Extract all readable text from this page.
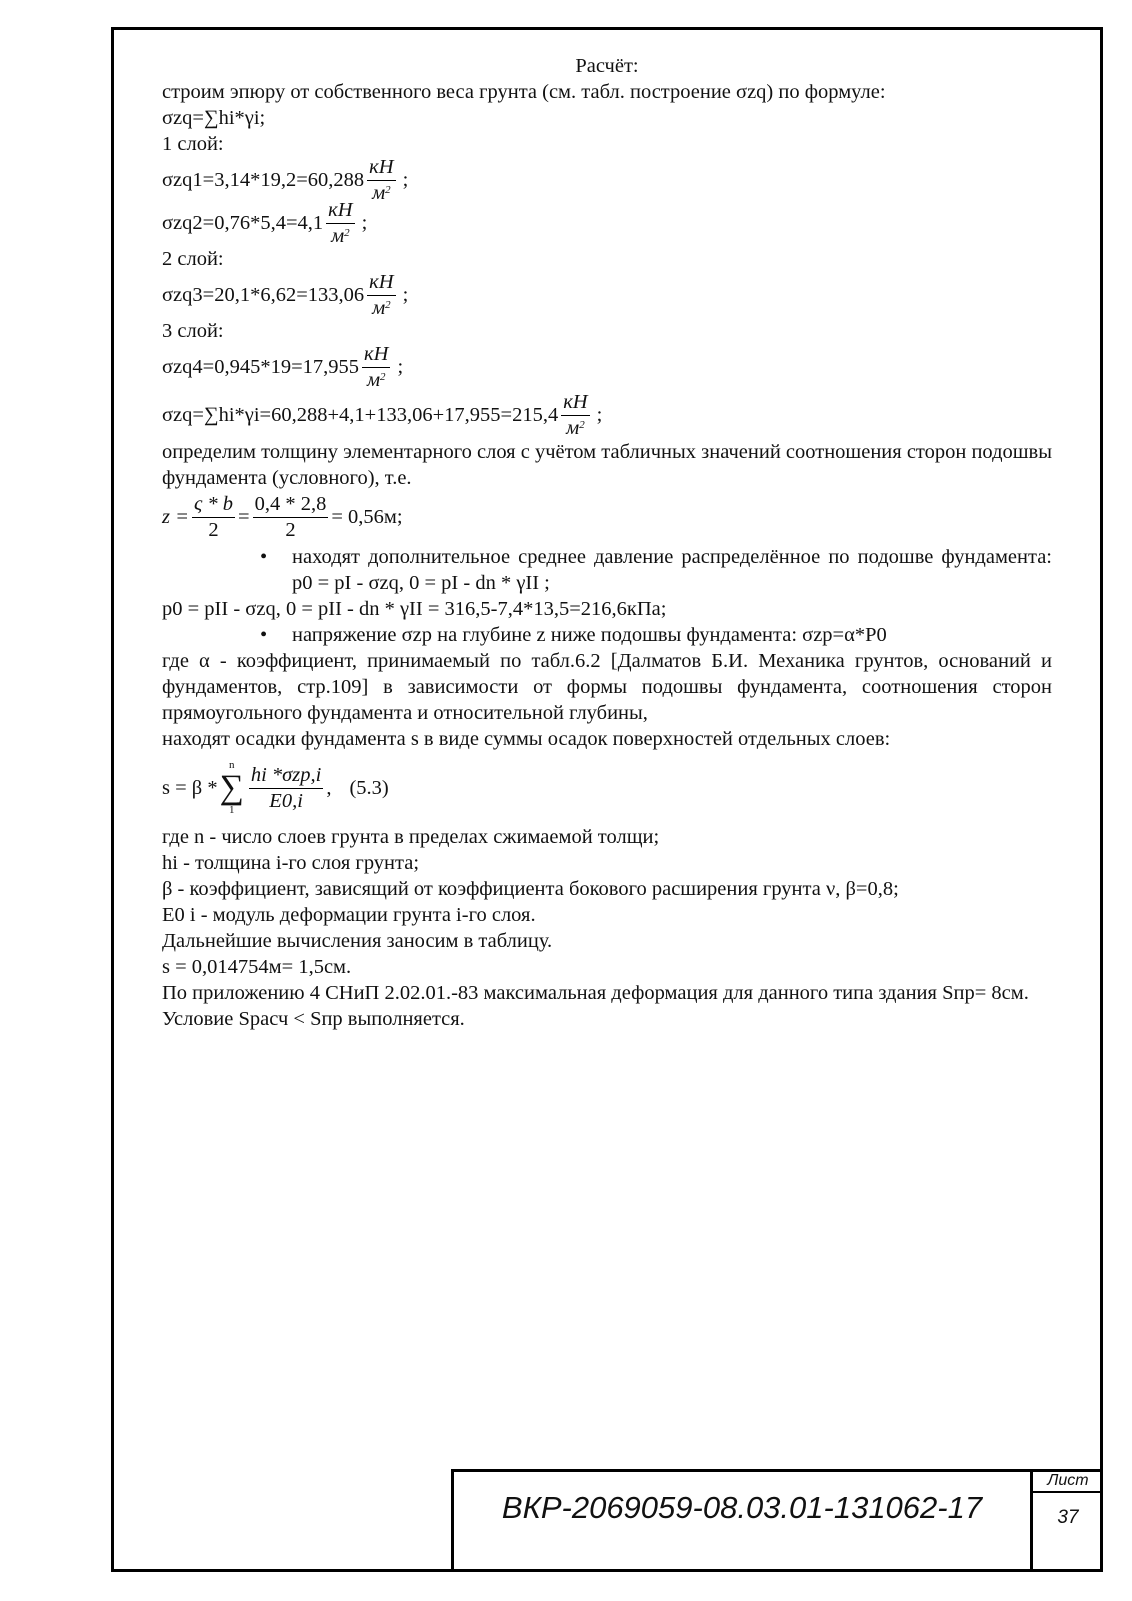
Расчёт:

строим эпюру от собственного веса грунта (см. табл. построение σzq) по формуле:

σzq=∑hi*γi;

1 слой:

$\sigma zq1=3,14*19,2=60,288 \frac{кН}{м^2}$ ;
$\sigma zq2=0,76*5,4=4,1 \frac{кН}{м^2}$ ;

2 слой:

$\sigma zq3=20,1*6,62=133,06 \frac{кН}{м^2}$ ;

3 слой:

$\sigma zq4=0,945*19=17,955 \frac{кН}{м^2}$ ;
$\sigma zq=\sum hi*\gamma i=60,288+4,1+133,06+17,955=215,4 \frac{кН}{м^2}$ ;

определим толщину элементарного слоя с учётом табличных значений соотношения сторон подошвы фундамента (условного), т.е.

$z = \frac{\varsigma * b}{2} = \frac{0,4 * 2,8}{2} = 0,56м$;
•	находят дополнительное среднее давление распределённое по подошве фундамента: p0 = pI - σzq, 0 = pI - dn * γII ;

p0 = pII - σzq, 0 = pII - dn * γII = 316,5-7,4*13,5=216,6кПа;

•	напряжение σzp на глубине z ниже подошвы фундамента: σzp=α*P0

где α - коэффициент, принимаемый по табл.6.2 [Далматов Б.И. Механика грунтов, оснований и фундаментов, стр.109] в зависимости от формы подошвы фундамента, соотношения сторон прямоугольного фундамента и относительной глубины,

находят осадки фундамента s в виде суммы осадок поверхностей отдельных слоев:

s = β *
n
∑
$1 \frac{\text{hi *σzp,i}}{E0,i}$ , (5.3)

где n - число слоев грунта в пределах сжимаемой толщи;

hi - толщина i-го слоя грунта;

β - коэффициент, зависящий от коэффициента бокового расширения грунта ν, β=0,8;

E0 i - модуль деформации грунта i-го слоя.

Дальнейшие вычисления заносим в таблицу.

s = 0,014754м= 1,5см.

По приложению 4 СНиП 2.02.01.-83 максимальная деформация для данного типа здания Sпр= 8см.

Условие Sрасч < Sпр выполняется.

ВКР-2069059-08.03.01-131062-17
Лист
37
